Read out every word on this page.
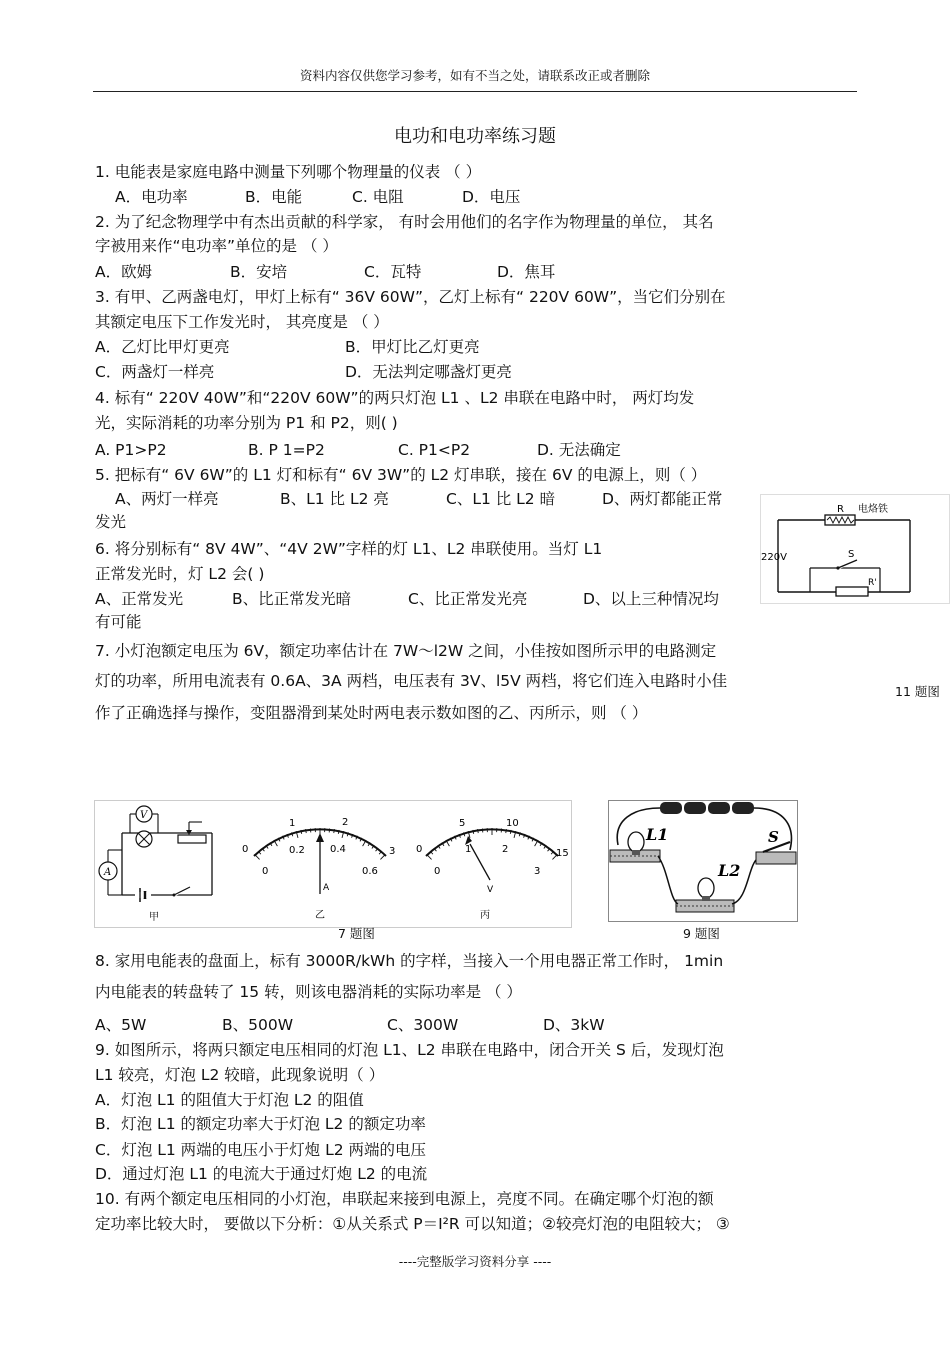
资料内容仅供您学习参考，如有不当之处，请联系改正或者删除
电功和电功率练习题
1. 电能表是家庭电路中测量下列哪个物理量的仪表 （ ）
A．电功率	B．电能	C. 电阻	D．电压
2. 为了纪念物理学中有杰出贡献的科学家， 有时会用他们的名字作为物理量的单位， 其名
字被用来作“电功率”单位的是 （ ）
A．欧姆	B．安培	C．瓦特	D．焦耳
3. 有甲、乙两盏电灯，甲灯上标有“ 36V 60W”，乙灯上标有“ 220V 60W”，当它们分别在
其额定电压下工作发光时， 其亮度是 （ ）
A．乙灯比甲灯更亮	B．甲灯比乙灯更亮
C．两盏灯一样亮	D．无法判定哪盏灯更亮
4. 标有“ 220V 40W”和“220V 60W”的两只灯泡 L1 、L2 串联在电路中时， 两灯均发
光，实际消耗的功率分别为 P1 和 P2，则( )
A. P1>P2	B. P 1=P2	C. P1<P2	D. 无法确定
5. 把标有“ 6V 6W”的 L1 灯和标有“ 6V 3W”的 L2 灯串联，接在 6V 的电源上，则（ ）
A、两灯一样亮	B、L1 比 L2 亮	C、L1 比 L2 暗	D、两灯都能正常
发光
6. 将分别标有“ 8V 4W”、“4V 2W”字样的灯 L1、L2 串联使用。当灯 L1
正常发光时，灯 L2 会( )
A、正常发光	B、比正常发光暗	C、比正常发光亮	D、以上三种情况均
有可能
R 电烙铁
220V	S
R'
11 题图
7. 小灯泡额定电压为 6V，额定功率估计在 7W～l2W 之间，小佳按如图所示甲的电路测定
灯的功率，所用电流表有 0.6A、3A 两档，电压表有 3V、l5V 两档，将它们连入电路时小佳
作了正确选择与操作，变阻器滑到某处时两电表示数如图的乙、丙所示，则 （ ）
V
A
甲
0
1	2
3
0
0.2	0.4
0.6
A
乙
0
5	10
15
0
1	2
3
V
丙
7 题图
L1
L2
S
9 题图
8. 家用电能表的盘面上，标有 3000R/kWh 的字样，当接入一个用电器正常工作时， 1min
内电能表的转盘转了 15 转，则该电器消耗的实际功率是 （ ）
A、5W	B、500W	C、300W	D、3kW
9. 如图所示，将两只额定电压相同的灯泡 L1、L2 串联在电路中，闭合开关 S 后，发现灯泡
L1 较亮，灯泡 L2 较暗，此现象说明（ ）
A．灯泡 L1 的阻值大于灯泡 L2 的阻值
B．灯泡 L1 的额定功率大于灯泡 L2 的额定功率
C．灯泡 L1 两端的电压小于灯炮 L2 两端的电压
D．通过灯泡 L1 的电流大于通过灯炮 L2 的电流
10. 有两个额定电压相同的小灯泡，串联起来接到电源上，亮度不同。在确定哪个灯泡的额
定功率比较大时， 要做以下分析：①从关系式 P＝I²R 可以知道；②较亮灯泡的电阻较大； ③
----完整版学习资料分享 ----
